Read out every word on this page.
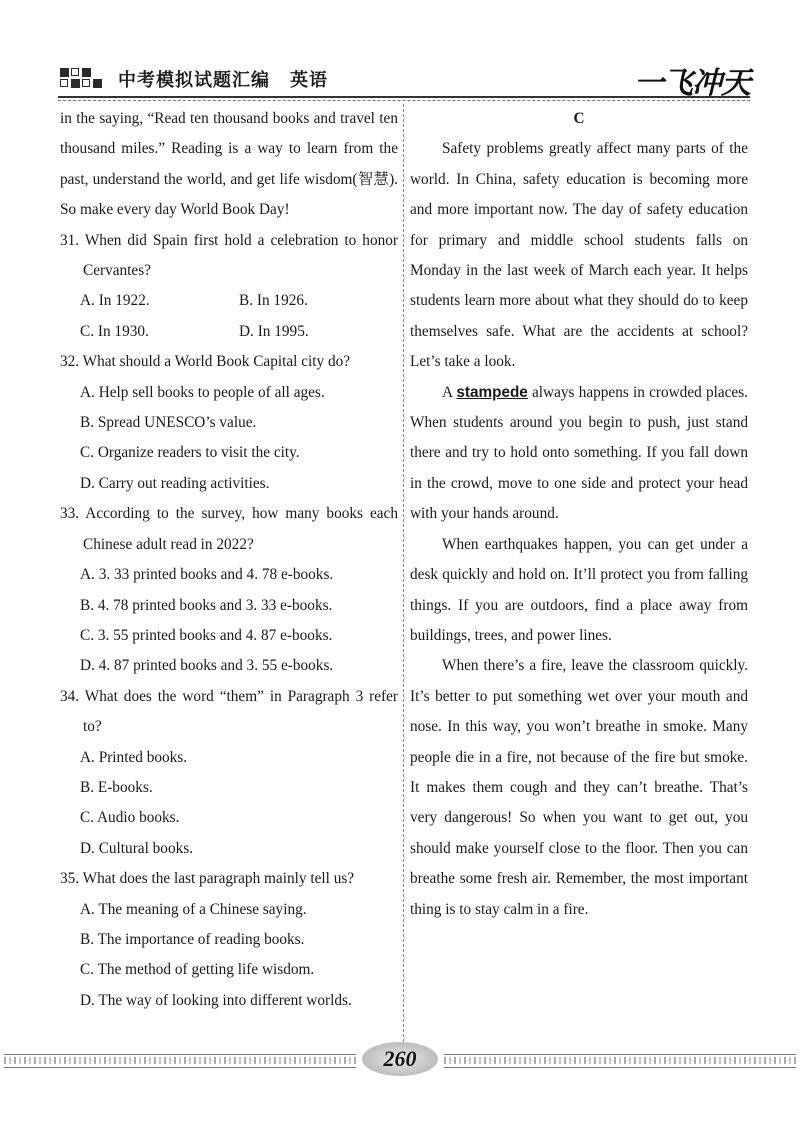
中考模拟试题汇编 英语	一飞冲天

in the saying, “Read ten thousand books and travel ten thousand miles.” Reading is a way to learn from the past, understand the world, and get life wisdom(智慧). So make every day World Book Day!

31. When did Spain first hold a celebration to honor Cervantes?

A. In 1922.	B. In 1926.
C. In 1930.	D. In 1995.

32. What should a World Book Capital city do?

A. Help sell books to people of all ages.

B. Spread UNESCO’s value.

C. Organize readers to visit the city.

D. Carry out reading activities.

33. According to the survey, how many books each Chinese adult read in 2022?

A. 3. 33 printed books and 4. 78 e-books.

B. 4. 78 printed books and 3. 33 e-books.

C. 3. 55 printed books and 4. 87 e-books.

D. 4. 87 printed books and 3. 55 e-books.

34. What does the word “them” in Paragraph 3 refer to?

A. Printed books.

B. E-books.

C. Audio books.

D. Cultural books.

35. What does the last paragraph mainly tell us?

A. The meaning of a Chinese saying.

B. The importance of reading books.

C. The method of getting life wisdom.

D. The way of looking into different worlds.

C

Safety problems greatly affect many parts of the world. In China, safety education is becoming more and more important now. The day of safety education for primary and middle school students falls on Monday in the last week of March each year. It helps students learn more about what they should do to keep themselves safe. What are the accidents at school? Let’s take a look.

A stampede always happens in crowded places. When students around you begin to push, just stand there and try to hold onto something. If you fall down in the crowd, move to one side and protect your head with your hands around.

When earthquakes happen, you can get under a desk quickly and hold on. It’ll protect you from falling things. If you are outdoors, find a place away from buildings, trees, and power lines.

When there’s a fire, leave the classroom quickly. It’s better to put something wet over your mouth and nose. In this way, you won’t breathe in smoke. Many people die in a fire, not because of the fire but smoke. It makes them cough and they can’t breathe. That’s very dangerous! So when you want to get out, you should make yourself close to the floor. Then you can breathe some fresh air. Remember, the most important thing is to stay calm in a fire.

260
